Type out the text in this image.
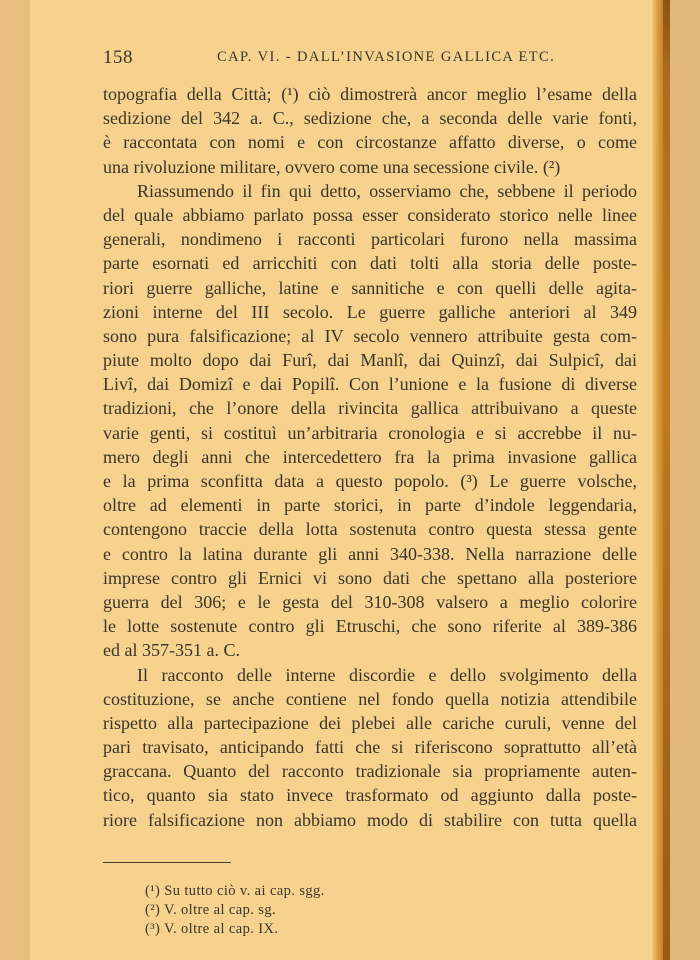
158	CAP. VI. - DALL’INVASIONE GALLICA ETC.
topografia della Città; (¹) ciò dimostrerà ancor meglio l’esame della
sedizione del 342 a. C., sedizione che, a seconda delle varie fonti,
è raccontata con nomi e con circostanze affatto diverse, o come
una rivoluzione militare, ovvero come una secessione civile. (²)
Riassumendo il fin qui detto, osserviamo che, sebbene il periodo
del quale abbiamo parlato possa esser considerato storico nelle linee
generali, nondimeno i racconti particolari furono nella massima
parte esornati ed arricchiti con dati tolti alla storia delle poste-
riori guerre galliche, latine e sannitiche e con quelli delle agita-
zioni interne del III secolo. Le guerre galliche anteriori al 349
sono pura falsificazione; al IV secolo vennero attribuite gesta com-
piute molto dopo dai Furî, dai Manlî, dai Quinzî, dai Sulpicî, dai
Livî, dai Domizî e dai Popilî. Con l’unione e la fusione di diverse
tradizioni, che l’onore della rivincita gallica attribuivano a queste
varie genti, si costituì un’arbitraria cronologia e si accrebbe il nu-
mero degli anni che intercedettero fra la prima invasione gallica
e la prima sconfitta data a questo popolo. (³) Le guerre volsche,
oltre ad elementi in parte storici, in parte d’indole leggendaria,
contengono traccie della lotta sostenuta contro questa stessa gente
e contro la latina durante gli anni 340-338. Nella narrazione delle
imprese contro gli Ernici vi sono dati che spettano alla posteriore
guerra del 306; e le gesta del 310-308 valsero a meglio colorire
le lotte sostenute contro gli Etruschi, che sono riferite al 389-386
ed al 357-351 a. C.
Il racconto delle interne discordie e dello svolgimento della
costituzione, se anche contiene nel fondo quella notizia attendibile
rispetto alla partecipazione dei plebei alle cariche curuli, venne del
pari travisato, anticipando fatti che si riferiscono soprattutto all’età
graccana. Quanto del racconto tradizionale sia propriamente auten-
tico, quanto sia stato invece trasformato od aggiunto dalla poste-
riore falsificazione non abbiamo modo di stabilire con tutta quella
(¹) Su tutto ciò v. ai cap. sgg.
(²) V. oltre al cap. sg.
(³) V. oltre al cap. IX.
